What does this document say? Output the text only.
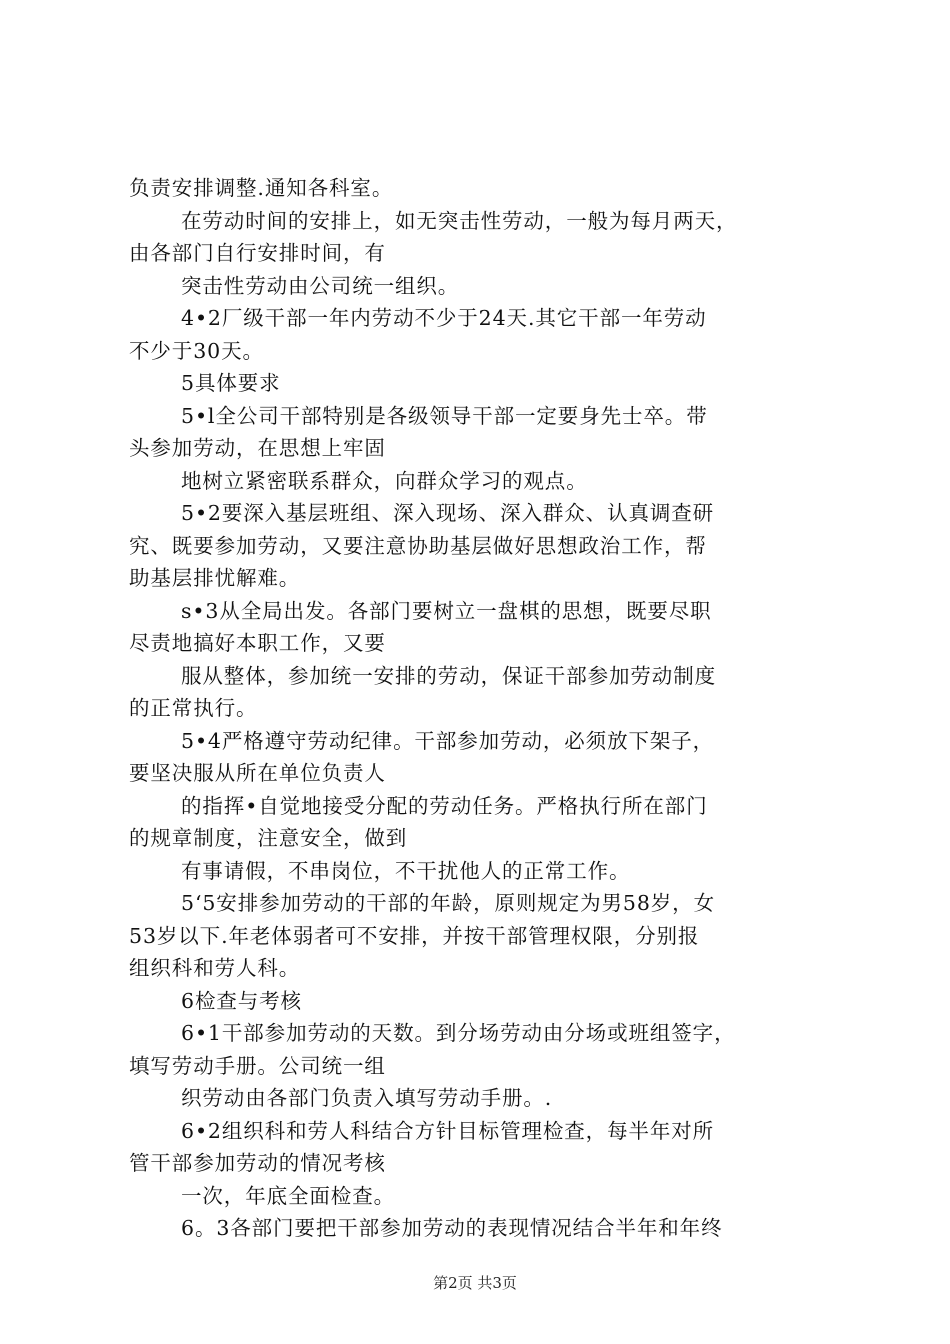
负责安排调整.通知各科室。
在劳动时间的安排上，如无突击性劳动，一般为每月两天，
由各部门自行安排时间，有
突击性劳动由公司统一组织。
4•2厂级干部一年内劳动不少于24天.其它干部一年劳动
不少于30天。
5具体要求
5•l全公司干部特别是各级领导干部一定要身先士卒。带
头参加劳动，在思想上牢固
地树立紧密联系群众，向群众学习的观点。
5•2要深入基层班组、深入现场、深入群众、认真调查研
究、既要参加劳动，又要注意协助基层做好思想政治工作，帮
助基层排忧解难。
s•3从全局出发。各部门要树立一盘棋的思想，既要尽职
尽责地搞好本职工作，又要
服从整体，参加统一安排的劳动，保证干部参加劳动制度
的正常执行。
5•4严格遵守劳动纪律。干部参加劳动，必须放下架子，
要坚决服从所在单位负责人
的指挥•自觉地接受分配的劳动任务。严格执行所在部门
的规章制度，注意安全，做到
有事请假，不串岗位，不干扰他人的正常工作。
5‘5安排参加劳动的干部的年龄，原则规定为男58岁，女
53岁以下.年老体弱者可不安排，并按干部管理权限，分别报
组织科和劳人科。
6检查与考核
6•1干部参加劳动的天数。到分场劳动由分场或班组签字，
填写劳动手册。公司统一组
织劳动由各部门负责入填写劳动手册。.
6•2组织科和劳人科结合方针目标管理检查，每半年对所
管干部参加劳动的情况考核
一次，年底全面检查。
6。3各部门要把干部参加劳动的表现情况结合半年和年终
第2页 共3页
